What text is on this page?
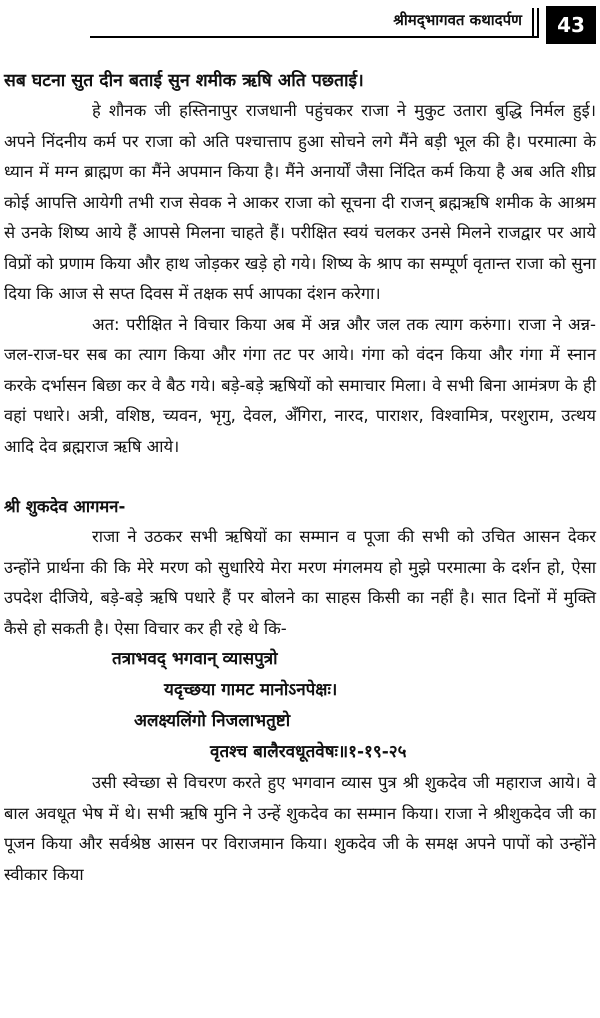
श्रीमद्‌भागवत कथादर्पण	43

सब घटना सुत दीन बताई सुन शमीक ऋषि अति पछताई।

हे शौनक जी हस्तिनापुर राजधानी पहुंचकर राजा ने मुकुट उतारा बुद्धि निर्मल हुई। अपने निंदनीय कर्म पर राजा को अति पश्चात्ताप हुआ सोचने लगे मैंने बड़ी भूल की है। परमात्मा के ध्यान में मग्न ब्राह्मण का मैंने अपमान किया है। मैंने अनार्यों जैसा निंदित कर्म किया है अब अति शीघ्र कोई आपत्ति आयेगी तभी राज सेवक ने आकर राजा को सूचना दी राजन् ब्रह्मऋषि शमीक के आश्रम से उनके शिष्य आये हैं आपसे मिलना चाहते हैं। परीक्षित स्वयं चलकर उनसे मिलने राजद्वार पर आये विप्रों को प्रणाम किया और हाथ जोड़कर खड़े हो गये। शिष्य के श्राप का सम्पूर्ण वृतान्त राजा को सुना दिया कि आज से सप्त दिवस में तक्षक सर्प आपका दंशन करेगा।

अत: परीक्षित ने विचार किया अब में अन्न और जल तक त्याग करुंगा। राजा ने अन्न-जल-राज-घर सब का त्याग किया और गंगा तट पर आये। गंगा को वंदन किया और गंगा में स्नान करके दर्भासन बिछा कर वे बैठ गये। बड़े-बड़े ऋषियों को समाचार मिला। वे सभी बिना आमंत्रण के ही वहां पधारे। अत्री, वशिष्ठ, च्यवन, भृगु, देवल, अँगिरा, नारद, पाराशर, विश्वामित्र, परशुराम, उत्थय आदि देव ब्रह्मराज ऋषि आये।

श्री शुकदेव आगमन-

राजा ने उठकर सभी ऋषियों का सम्मान व पूजा की सभी को उचित आसन देकर उन्होंने प्रार्थना की कि मेरे मरण को सुधारिये मेरा मरण मंगलमय हो मुझे परमात्मा के दर्शन हो, ऐसा उपदेश दीजिये, बड़े-बड़े ऋषि पधारे हैं पर बोलने का साहस किसी का नहीं है। सात दिनों में मुक्ति कैसे हो सकती है। ऐसा विचार कर ही रहे थे कि-

तत्राभवद् भगवान् व्यासपुत्रो

यदृच्छया गामट मानोऽनपेक्षः।

अलक्ष्यलिंगो निजलाभतुष्टो

वृतश्च बालैरवधूतवेषः॥१-१९-२५

उसी स्वेच्छा से विचरण करते हुए भगवान व्यास पुत्र श्री शुकदेव जी महाराज आये। वे बाल अवधूत भेष में थे। सभी ऋषि मुनि ने उन्हें शुकदेव का सम्मान किया। राजा ने श्रीशुकदेव जी का पूजन किया और सर्वश्रेष्ठ आसन पर विराजमान किया। शुकदेव जी के समक्ष अपने पापों को उन्होंने स्वीकार किया
